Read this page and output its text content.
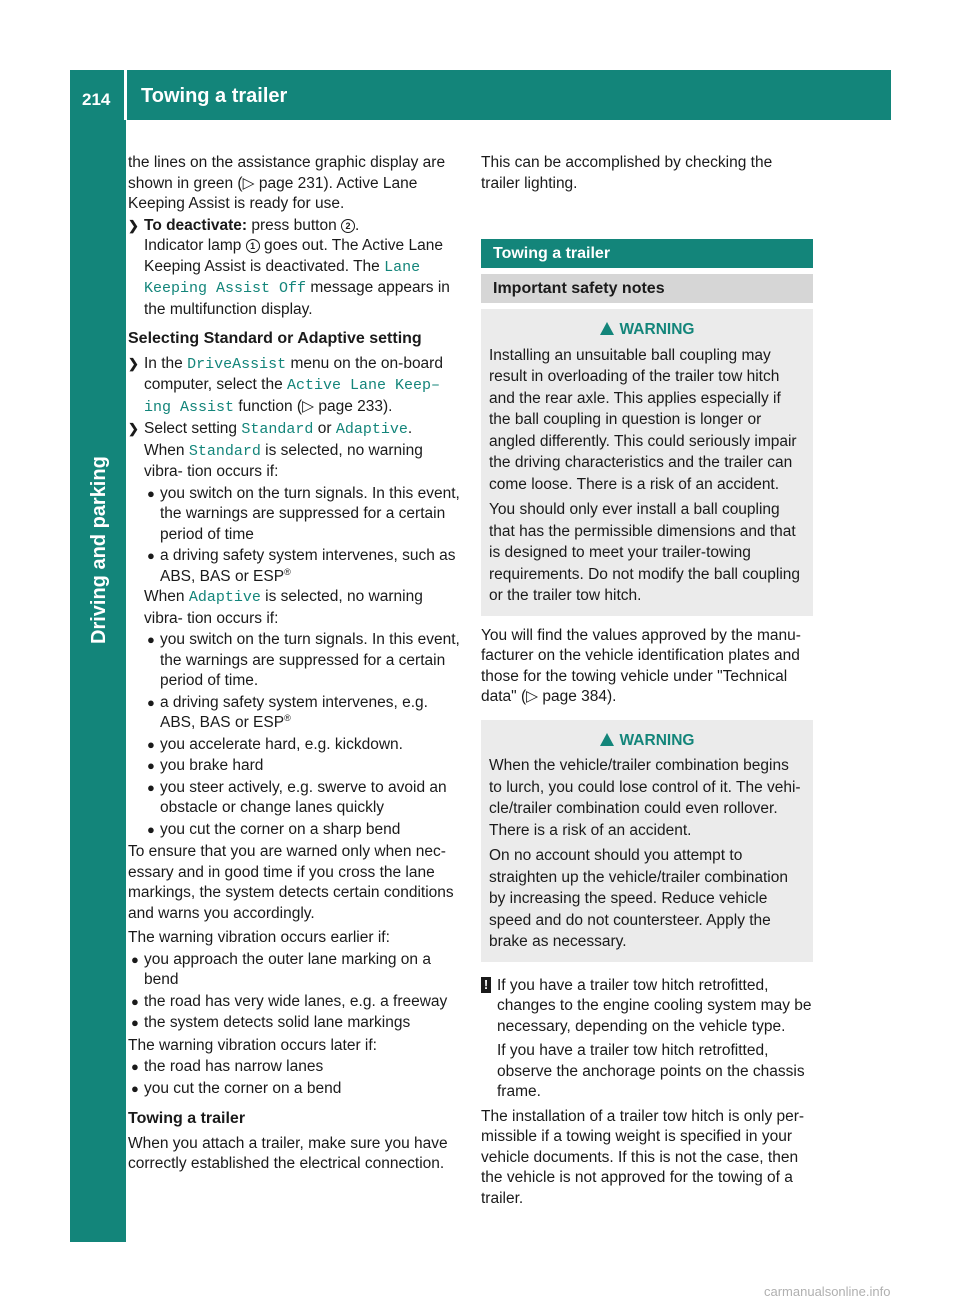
214 Towing a trailer
Driving and parking

the lines on the assistance graphic display are shown in green (▷ page 231). Active Lane Keeping Assist is ready for use.

❯ To deactivate: press button 2 .
Indicator lamp 1 goes out. The Active Lane Keeping Assist is deactivated. The Lane Keeping Assist Off message appears in the multifunction display.
Selecting Standard or Adaptive setting
❯ In the DriveAssist menu on the on-board computer, select the Active Lane Keep–ing Assist function (▷ page 233).
❯ Select setting Standard or Adaptive.
When Standard is selected, no warning vibra- tion occurs if:
● you switch on the turn signals. In this event, the warnings are suppressed for a certain period of time
● a driving safety system intervenes, such as ABS, BAS or ESP®
When Adaptive is selected, no warning vibra- tion occurs if:
● you switch on the turn signals. In this event, the warnings are suppressed for a certain period of time.
● a driving safety system intervenes, e.g. ABS, BAS or ESP®
● you accelerate hard, e.g. kickdown.
● you brake hard
● you steer actively, e.g. swerve to avoid an obstacle or change lanes quickly
● you cut the corner on a sharp bend

To ensure that you are warned only when nec- essary and in good time if you cross the lane markings, the system detects certain conditions and warns you accordingly.

The warning vibration occurs earlier if:

● you approach the outer lane marking on a bend
● the road has very wide lanes, e.g. a freeway
● the system detects solid lane markings

The warning vibration occurs later if:

● the road has narrow lanes
● you cut the corner on a bend
Towing a trailer

When you attach a trailer, make sure you have correctly established the electrical connection.

This can be accomplished by checking the trailer lighting.

Towing a trailer
Important safety notes
WARNING

Installing an unsuitable ball coupling may result in overloading of the trailer tow hitch and the rear axle. This applies especially if the ball coupling in question is longer or angled differently. This could seriously impair the driving characteristics and the trailer can come loose. There is a risk of an accident.

You should only ever install a ball coupling that has the permissible dimensions and that is designed to meet your trailer-towing requirements. Do not modify the ball coupling or the trailer tow hitch.

You will find the values approved by the manu- facturer on the vehicle identification plates and those for the towing vehicle under "Technical data" (▷ page 384).

WARNING

When the vehicle/trailer combination begins to lurch, you could lose control of it. The vehi- cle/trailer combination could even rollover. There is a risk of an accident.

On no account should you attempt to straighten up the vehicle/trailer combination by increasing the speed. Reduce vehicle speed and do not countersteer. Apply the brake as necessary.

! If you have a trailer tow hitch retrofitted, changes to the engine cooling system may be necessary, depending on the vehicle type.

If you have a trailer tow hitch retrofitted, observe the anchorage points on the chassis frame.

The installation of a trailer tow hitch is only per- missible if a towing weight is specified in your vehicle documents. If this is not the case, then the vehicle is not approved for the towing of a trailer.

carmanualsonline.info
